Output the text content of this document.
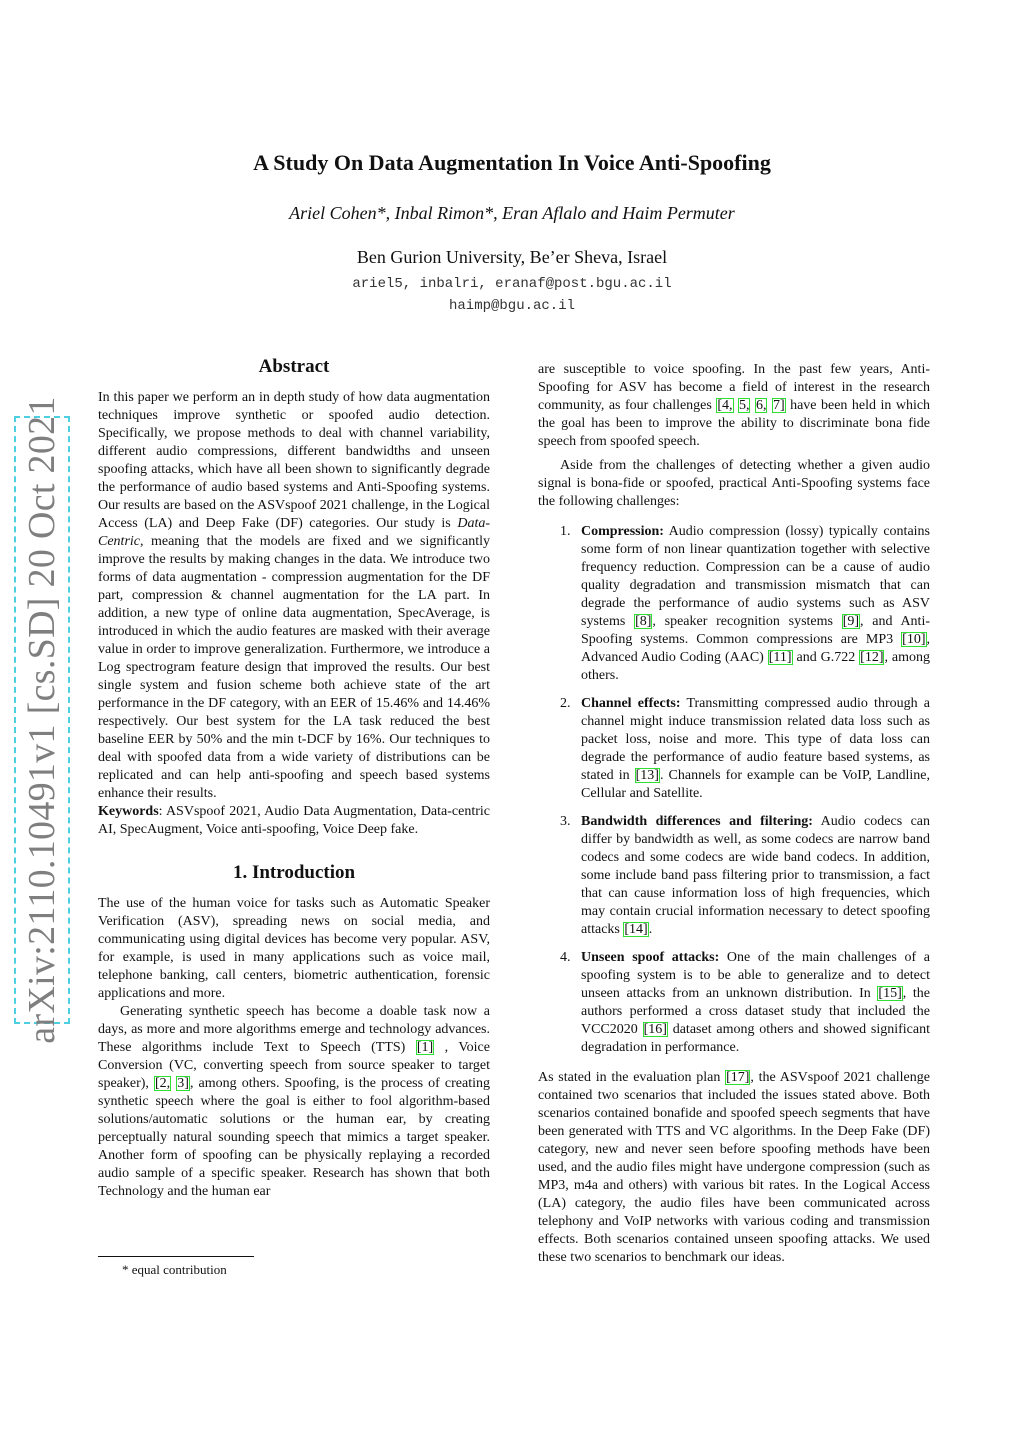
A Study On Data Augmentation In Voice Anti-Spoofing
Ariel Cohen*, Inbal Rimon*, Eran Aflalo and Haim Permuter
Ben Gurion University, Be’er Sheva, Israel
ariel5, inbalri, eranaf@post.bgu.ac.il
haimp@bgu.ac.il
arXiv:2110.10491v1 [cs.SD] 20 Oct 2021
Abstract

In this paper we perform an in depth study of how data augmentation techniques improve synthetic or spoofed audio detection. Specifically, we propose methods to deal with channel variability, different audio compressions, different bandwidths and unseen spoofing attacks, which have all been shown to significantly degrade the performance of audio based systems and Anti-Spoofing systems. Our results are based on the ASVspoof 2021 challenge, in the Logical Access (LA) and Deep Fake (DF) categories. Our study is Data-Centric, meaning that the models are fixed and we significantly improve the results by making changes in the data. We introduce two forms of data augmentation - compression augmentation for the DF part, compression & channel augmentation for the LA part. In addition, a new type of online data augmentation, SpecAverage, is introduced in which the audio features are masked with their average value in order to improve generalization. Furthermore, we introduce a Log spectrogram feature design that improved the results. Our best single system and fusion scheme both achieve state of the art performance in the DF category, with an EER of 15.46% and 14.46% respectively. Our best system for the LA task reduced the best baseline EER by 50% and the min t-DCF by 16%. Our techniques to deal with spoofed data from a wide variety of distributions can be replicated and can help anti-spoofing and speech based systems enhance their results.

Keywords: ASVspoof 2021, Audio Data Augmentation, Data-centric AI, SpecAugment, Voice anti-spoofing, Voice Deep fake.

1. Introduction

The use of the human voice for tasks such as Automatic Speaker Verification (ASV), spreading news on social media, and communicating using digital devices has become very popular. ASV, for example, is used in many applications such as voice mail, telephone banking, call centers, biometric authentication, forensic applications and more.

Generating synthetic speech has become a doable task now a days, as more and more algorithms emerge and technology advances. These algorithms include Text to Speech (TTS) [1] , Voice Conversion (VC, converting speech from source speaker to target speaker), [2, 3], among others. Spoofing, is the process of creating synthetic speech where the goal is either to fool algorithm-based solutions/automatic solutions or the human ear, by creating perceptually natural sounding speech that mimics a target speaker. Another form of spoofing can be physically replaying a recorded audio sample of a specific speaker. Research has shown that both Technology and the human ear

* equal contribution

are susceptible to voice spoofing. In the past few years, Anti-Spoofing for ASV has become a field of interest in the research community, as four challenges [4, 5, 6, 7] have been held in which the goal has been to improve the ability to discriminate bona fide speech from spoofed speech.

Aside from the challenges of detecting whether a given audio signal is bona-fide or spoofed, practical Anti-Spoofing systems face the following challenges:

1. Compression: Audio compression (lossy) typically contains some form of non linear quantization together with selective frequency reduction. Compression can be a cause of audio quality degradation and transmission mismatch that can degrade the performance of audio systems such as ASV systems [8], speaker recognition systems [9], and Anti-Spoofing systems. Common compressions are MP3 [10], Advanced Audio Coding (AAC) [11] and G.722 [12], among others.
2. Channel effects: Transmitting compressed audio through a channel might induce transmission related data loss such as packet loss, noise and more. This type of data loss can degrade the performance of audio feature based systems, as stated in [13]. Channels for example can be VoIP, Landline, Cellular and Satellite.
3. Bandwidth differences and filtering: Audio codecs can differ by bandwidth as well, as some codecs are narrow band codecs and some codecs are wide band codecs. In addition, some include band pass filtering prior to transmission, a fact that can cause information loss of high frequencies, which may contain crucial information necessary to detect spoofing attacks [14].
4. Unseen spoof attacks: One of the main challenges of a spoofing system is to be able to generalize and to detect unseen attacks from an unknown distribution. In [15], the authors performed a cross dataset study that included the VCC2020 [16] dataset among others and showed significant degradation in performance.

As stated in the evaluation plan [17], the ASVspoof 2021 challenge contained two scenarios that included the issues stated above. Both scenarios contained bonafide and spoofed speech segments that have been generated with TTS and VC algorithms. In the Deep Fake (DF) category, new and never seen before spoofing methods have been used, and the audio files might have undergone compression (such as MP3, m4a and others) with various bit rates. In the Logical Access (LA) category, the audio files have been communicated across telephony and VoIP networks with various coding and transmission effects. Both scenarios contained unseen spoofing attacks. We used these two scenarios to benchmark our ideas.
